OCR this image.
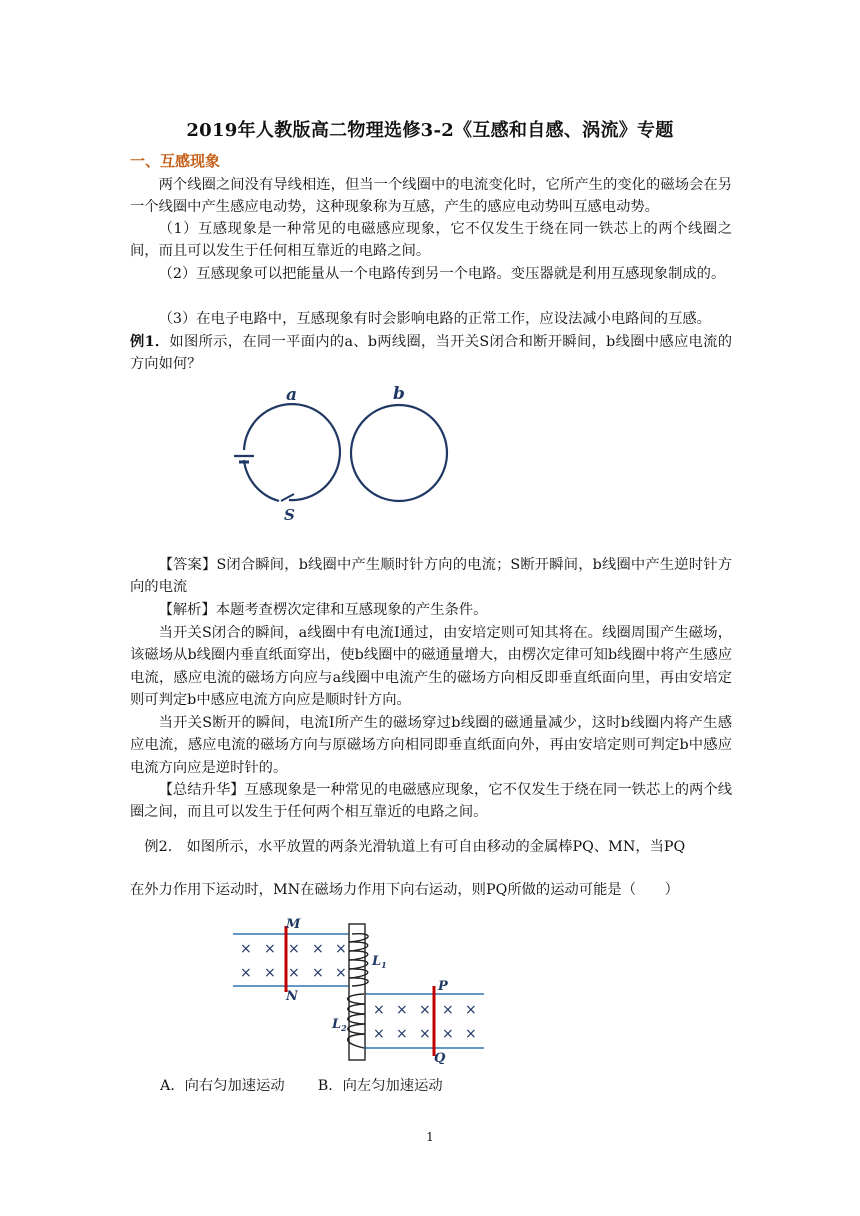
2019年人教版高二物理选修3-2《互感和自感、涡流》专题
一、互感现象
两个线圈之间没有导线相连，但当一个线圈中的电流变化时，它所产生的变化的磁场会在另一个线圈中产生感应电动势，这种现象称为互感，产生的感应电动势叫互感电动势。
（1）互感现象是一种常见的电磁感应现象，它不仅发生于绕在同一铁芯上的两个线圈之间，而且可以发生于任何相互靠近的电路之间。
（2）互感现象可以把能量从一个电路传到另一个电路。变压器就是利用互感现象制成的。
（3）在电子电路中，互感现象有时会影响电路的正常工作，应设法减小电路间的互感。
例1．如图所示，在同一平面内的a、b两线圈，当开关S闭合和断开瞬间，b线圈中感应电流的方向如何？
a	b
S
【答案】S闭合瞬间，b线圈中产生顺时针方向的电流；S断开瞬间，b线圈中产生逆时针方向的电流
【解析】本题考查楞次定律和互感现象的产生条件。
当开关S闭合的瞬间，a线圈中有电流I通过，由安培定则可知其将在。线圈周围产生磁场，该磁场从b线圈内垂直纸面穿出，使b线圈中的磁通量增大，由楞次定律可知b线圈中将产生感应电流，感应电流的磁场方向应与a线圈中电流产生的磁场方向相反即垂直纸面向里，再由安培定则可判定b中感应电流方向应是顺时针方向。
当开关S断开的瞬间，电流I所产生的磁场穿过b线圈的磁通量减少，这时b线圈内将产生感应电流，感应电流的磁场方向与原磁场方向相同即垂直纸面向外，再由安培定则可判定b中感应电流方向应是逆时针的。
【总结升华】互感现象是一种常见的电磁感应现象，它不仅发生于绕在同一铁芯上的两个线圈之间，而且可以发生于任何两个相互靠近的电路之间。
例2.　如图所示，水平放置的两条光滑轨道上有可自由移动的金属棒PQ、MN，当PQ
在外力作用下运动时，MN在磁场力作用下向右运动，则PQ所做的运动可能是（　　）
M
N
P
Q
$L_1$
$L_2$
× × × × ×
× × × × ×
× × × × ×
× × × × ×
A．向右匀加速运动 B．向左匀加速运动
1
